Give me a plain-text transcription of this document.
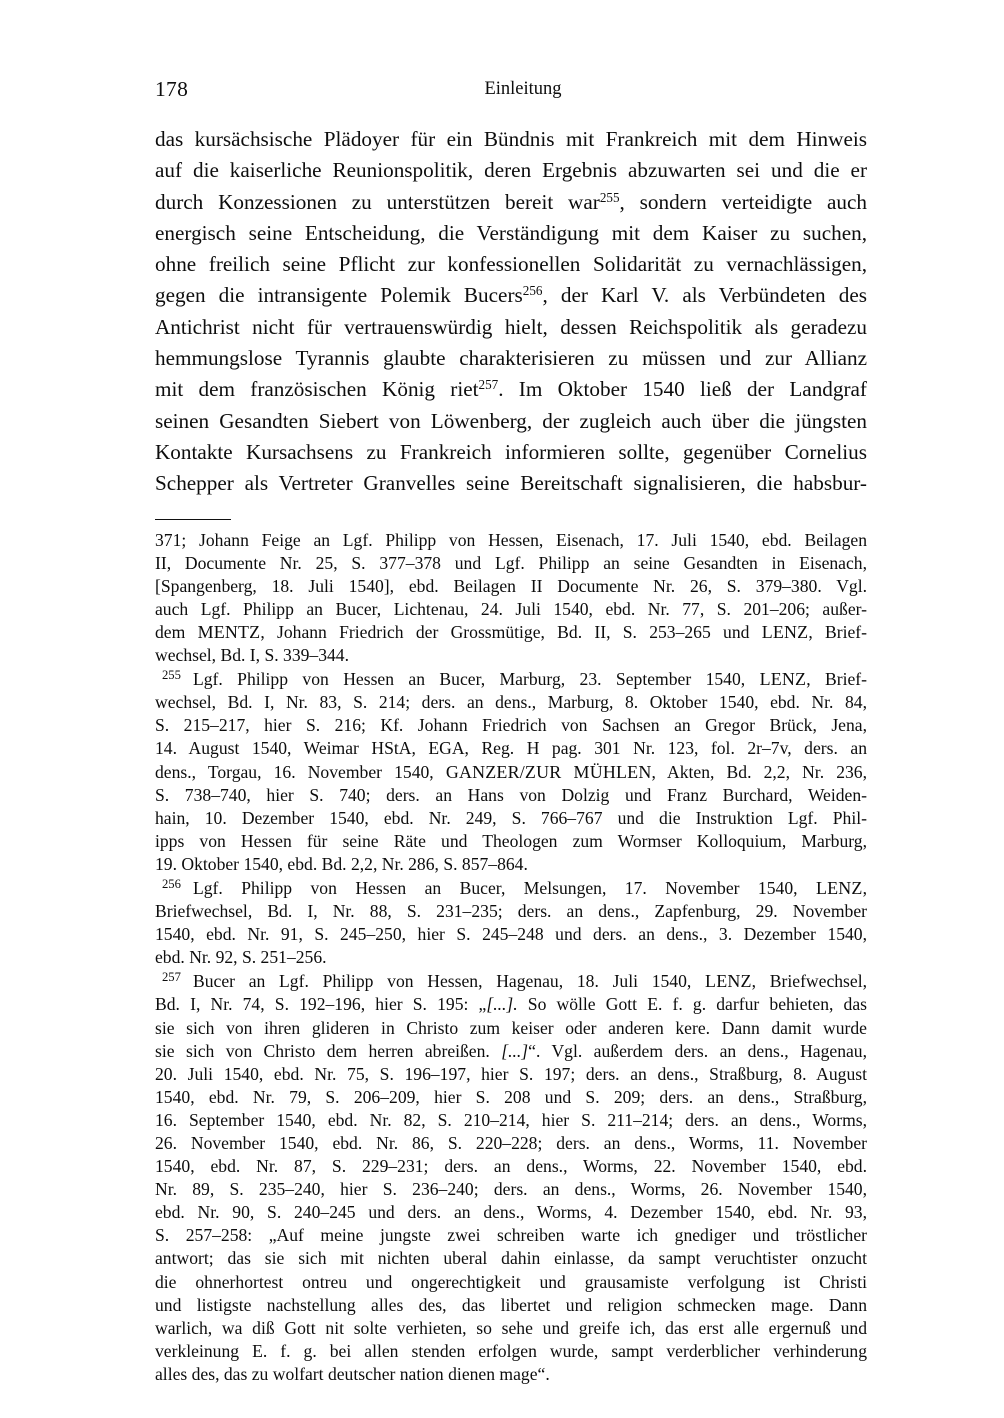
178	Einleitung
das kursächsische Plädoyer für ein Bündnis mit Frankreich mit dem Hinweis
auf die kaiserliche Reunionspolitik, deren Ergebnis abzuwarten sei und die er
durch Konzessionen zu unterstützen bereit war$^{255}$, sondern verteidigte auch
energisch seine Entscheidung, die Verständigung mit dem Kaiser zu suchen,
ohne freilich seine Pflicht zur konfessionellen Solidarität zu vernachlässigen,
gegen die intransigente Polemik Bucers$^{256}$, der Karl V. als Verbündeten des
Antichrist nicht für vertrauenswürdig hielt, dessen Reichspolitik als geradezu
hemmungslose Tyrannis glaubte charakterisieren zu müssen und zur Allianz
mit dem französischen König riet$^{257}$. Im Oktober 1540 ließ der Landgraf
seinen Gesandten Siebert von Löwenberg, der zugleich auch über die jüngsten
Kontakte Kursachsens zu Frankreich informieren sollte, gegenüber Cornelius
Schepper als Vertreter Granvelles seine Bereitschaft signalisieren, die habsbur-
371; Johann Feige an Lgf. Philipp von Hessen, Eisenach, 17. Juli 1540, ebd. Beilagen
II, Documente Nr. 25, S. 377–378 und Lgf. Philipp an seine Gesandten in Eisenach,
[Spangenberg, 18. Juli 1540], ebd. Beilagen II Documente Nr. 26, S. 379–380. Vgl.
auch Lgf. Philipp an Bucer, Lichtenau, 24. Juli 1540, ebd. Nr. 77, S. 201–206; außer-
dem MENTZ, Johann Friedrich der Grossmütige, Bd. II, S. 253–265 und LENZ, Brief-
wechsel, Bd. I, S. 339–344.
$^{255}$ Lgf. Philipp von Hessen an Bucer, Marburg, 23. September 1540, LENZ, Brief-
wechsel, Bd. I, Nr. 83, S. 214; ders. an dens., Marburg, 8. Oktober 1540, ebd. Nr. 84,
S. 215–217, hier S. 216; Kf. Johann Friedrich von Sachsen an Gregor Brück, Jena,
14. August 1540, Weimar HStA, EGA, Reg. H pag. 301 Nr. 123, fol. 2r–7v, ders. an
dens., Torgau, 16. November 1540, GANZER/ZUR MÜHLEN, Akten, Bd. 2,2, Nr. 236,
S. 738–740, hier S. 740; ders. an Hans von Dolzig und Franz Burchard, Weiden-
hain, 10. Dezember 1540, ebd. Nr. 249, S. 766–767 und die Instruktion Lgf. Phil-
ipps von Hessen für seine Räte und Theologen zum Wormser Kolloquium, Marburg,
19. Oktober 1540, ebd. Bd. 2,2, Nr. 286, S. 857–864.
$^{256}$ Lgf. Philipp von Hessen an Bucer, Melsungen, 17. November 1540, LENZ,
Briefwechsel, Bd. I, Nr. 88, S. 231–235; ders. an dens., Zapfenburg, 29. November
1540, ebd. Nr. 91, S. 245–250, hier S. 245–248 und ders. an dens., 3. Dezember 1540,
ebd. Nr. 92, S. 251–256.
$^{257}$ Bucer an Lgf. Philipp von Hessen, Hagenau, 18. Juli 1540, LENZ, Briefwechsel,
Bd. I, Nr. 74, S. 192–196, hier S. 195: „[...]. So wölle Gott E. f. g. darfur behieten, das
sie sich von ihren glideren in Christo zum keiser oder anderen kere. Dann damit wurde
sie sich von Christo dem herren abreißen. [...]“. Vgl. außerdem ders. an dens., Hagenau,
20. Juli 1540, ebd. Nr. 75, S. 196–197, hier S. 197; ders. an dens., Straßburg, 8. August
1540, ebd. Nr. 79, S. 206–209, hier S. 208 und S. 209; ders. an dens., Straßburg,
16. September 1540, ebd. Nr. 82, S. 210–214, hier S. 211–214; ders. an dens., Worms,
26. November 1540, ebd. Nr. 86, S. 220–228; ders. an dens., Worms, 11. November
1540, ebd. Nr. 87, S. 229–231; ders. an dens., Worms, 22. November 1540, ebd.
Nr. 89, S. 235–240, hier S. 236–240; ders. an dens., Worms, 26. November 1540,
ebd. Nr. 90, S. 240–245 und ders. an dens., Worms, 4. Dezember 1540, ebd. Nr. 93,
S. 257–258: „Auf meine jungste zwei schreiben warte ich gnediger und tröstlicher
antwort; das sie sich mit nichten uberal dahin einlasse, da sampt veruchtister onzucht
die ohnerhortest ontreu und ongerechtigkeit und grausamiste verfolgung ist Christi
und listigste nachstellung alles des, das libertet und religion schmecken mage. Dann
warlich, wa diß Gott nit solte verhieten, so sehe und greife ich, das erst alle ergernuß und
verkleinung E. f. g. bei allen stenden erfolgen wurde, sampt verderblicher verhinderung
alles des, das zu wolfart deutscher nation dienen mage“.
